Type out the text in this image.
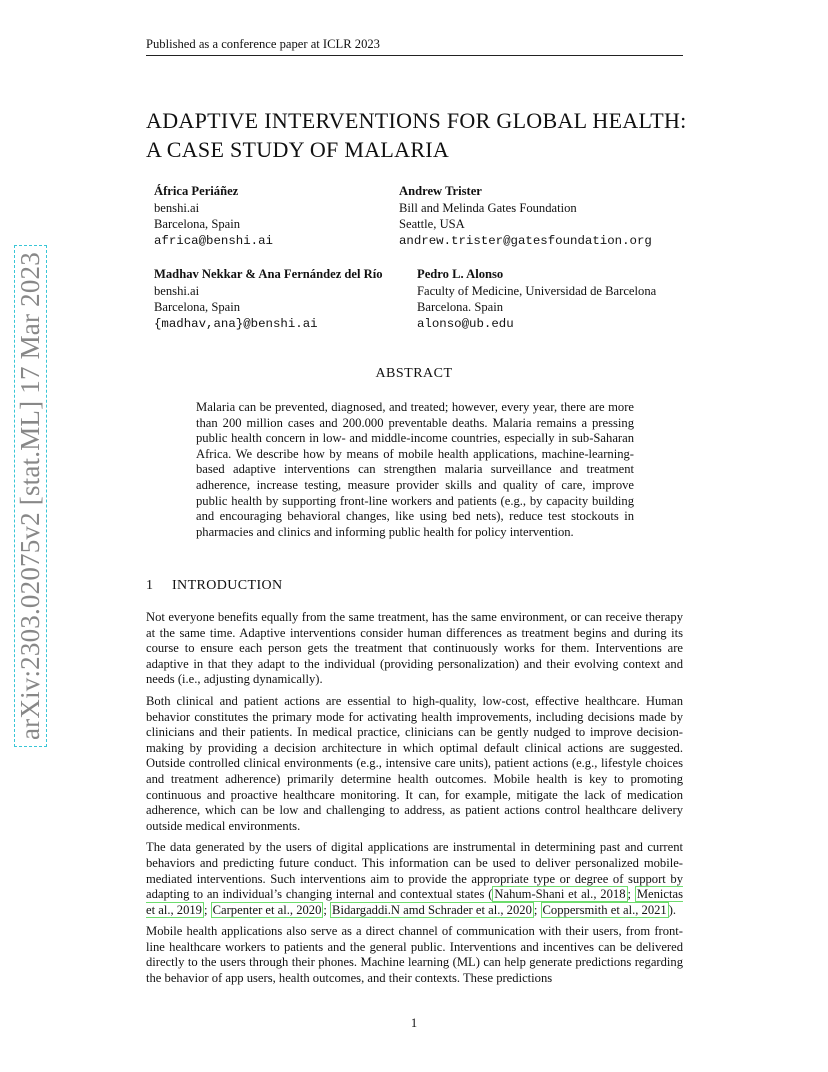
Published as a conference paper at ICLR 2023
arXiv:2303.02075v2 [stat.ML] 17 Mar 2023
ADAPTIVE INTERVENTIONS FOR GLOBAL HEALTH:
A CASE STUDY OF MALARIA
África Periáñez
benshi.ai
Barcelona, Spain
africa@benshi.ai
Andrew Trister
Bill and Melinda Gates Foundation
Seattle, USA
andrew.trister@gatesfoundation.org
Madhav Nekkar & Ana Fernández del Río
benshi.ai
Barcelona, Spain
{madhav,ana}@benshi.ai
Pedro L. Alonso
Faculty of Medicine, Universidad de Barcelona
Barcelona. Spain
alonso@ub.edu
ABSTRACT
Malaria can be prevented, diagnosed, and treated; however, every year, there are more than 200 million cases and 200.000 preventable deaths. Malaria remains a pressing public health concern in low- and middle-income countries, especially in sub-Saharan Africa. We describe how by means of mobile health applications, machine-learning-based adaptive interventions can strengthen malaria surveillance and treatment adherence, increase testing, measure provider skills and quality of care, improve public health by supporting front-line workers and patients (e.g., by capacity building and encouraging behavioral changes, like using bed nets), reduce test stockouts in pharmacies and clinics and informing public health for policy intervention.
1 INTRODUCTION

Not everyone benefits equally from the same treatment, has the same environment, or can receive therapy at the same time. Adaptive interventions consider human differences as treatment begins and during its course to ensure each person gets the treatment that continuously works for them. Interventions are adaptive in that they adapt to the individual (providing personalization) and their evolving context and needs (i.e., adjusting dynamically).

Both clinical and patient actions are essential to high-quality, low-cost, effective healthcare. Human behavior constitutes the primary mode for activating health improvements, including decisions made by clinicians and their patients. In medical practice, clinicians can be gently nudged to improve decision-making by providing a decision architecture in which optimal default clinical actions are suggested. Outside controlled clinical environments (e.g., intensive care units), patient actions (e.g., lifestyle choices and treatment adherence) primarily determine health outcomes. Mobile health is key to promoting continuous and proactive healthcare monitoring. It can, for example, mitigate the lack of medication adherence, which can be low and challenging to address, as patient actions control healthcare delivery outside medical environments.

The data generated by the users of digital applications are instrumental in determining past and current behaviors and predicting future conduct. This information can be used to deliver personalized mobile-mediated interventions. Such interventions aim to provide the appropriate type or degree of support by adapting to an individual’s changing internal and contextual states ( Nahum-Shani et al., 2018 ; Menictas et al., 2019 ; Carpenter et al., 2020 ; Bidargaddi.N amd Schrader et al., 2020 ; Coppersmith et al., 2021 ).

Mobile health applications also serve as a direct channel of communication with their users, from front-line healthcare workers to patients and the general public. Interventions and incentives can be delivered directly to the users through their phones. Machine learning (ML) can help generate predictions regarding the behavior of app users, health outcomes, and their contexts. These predictions

1
